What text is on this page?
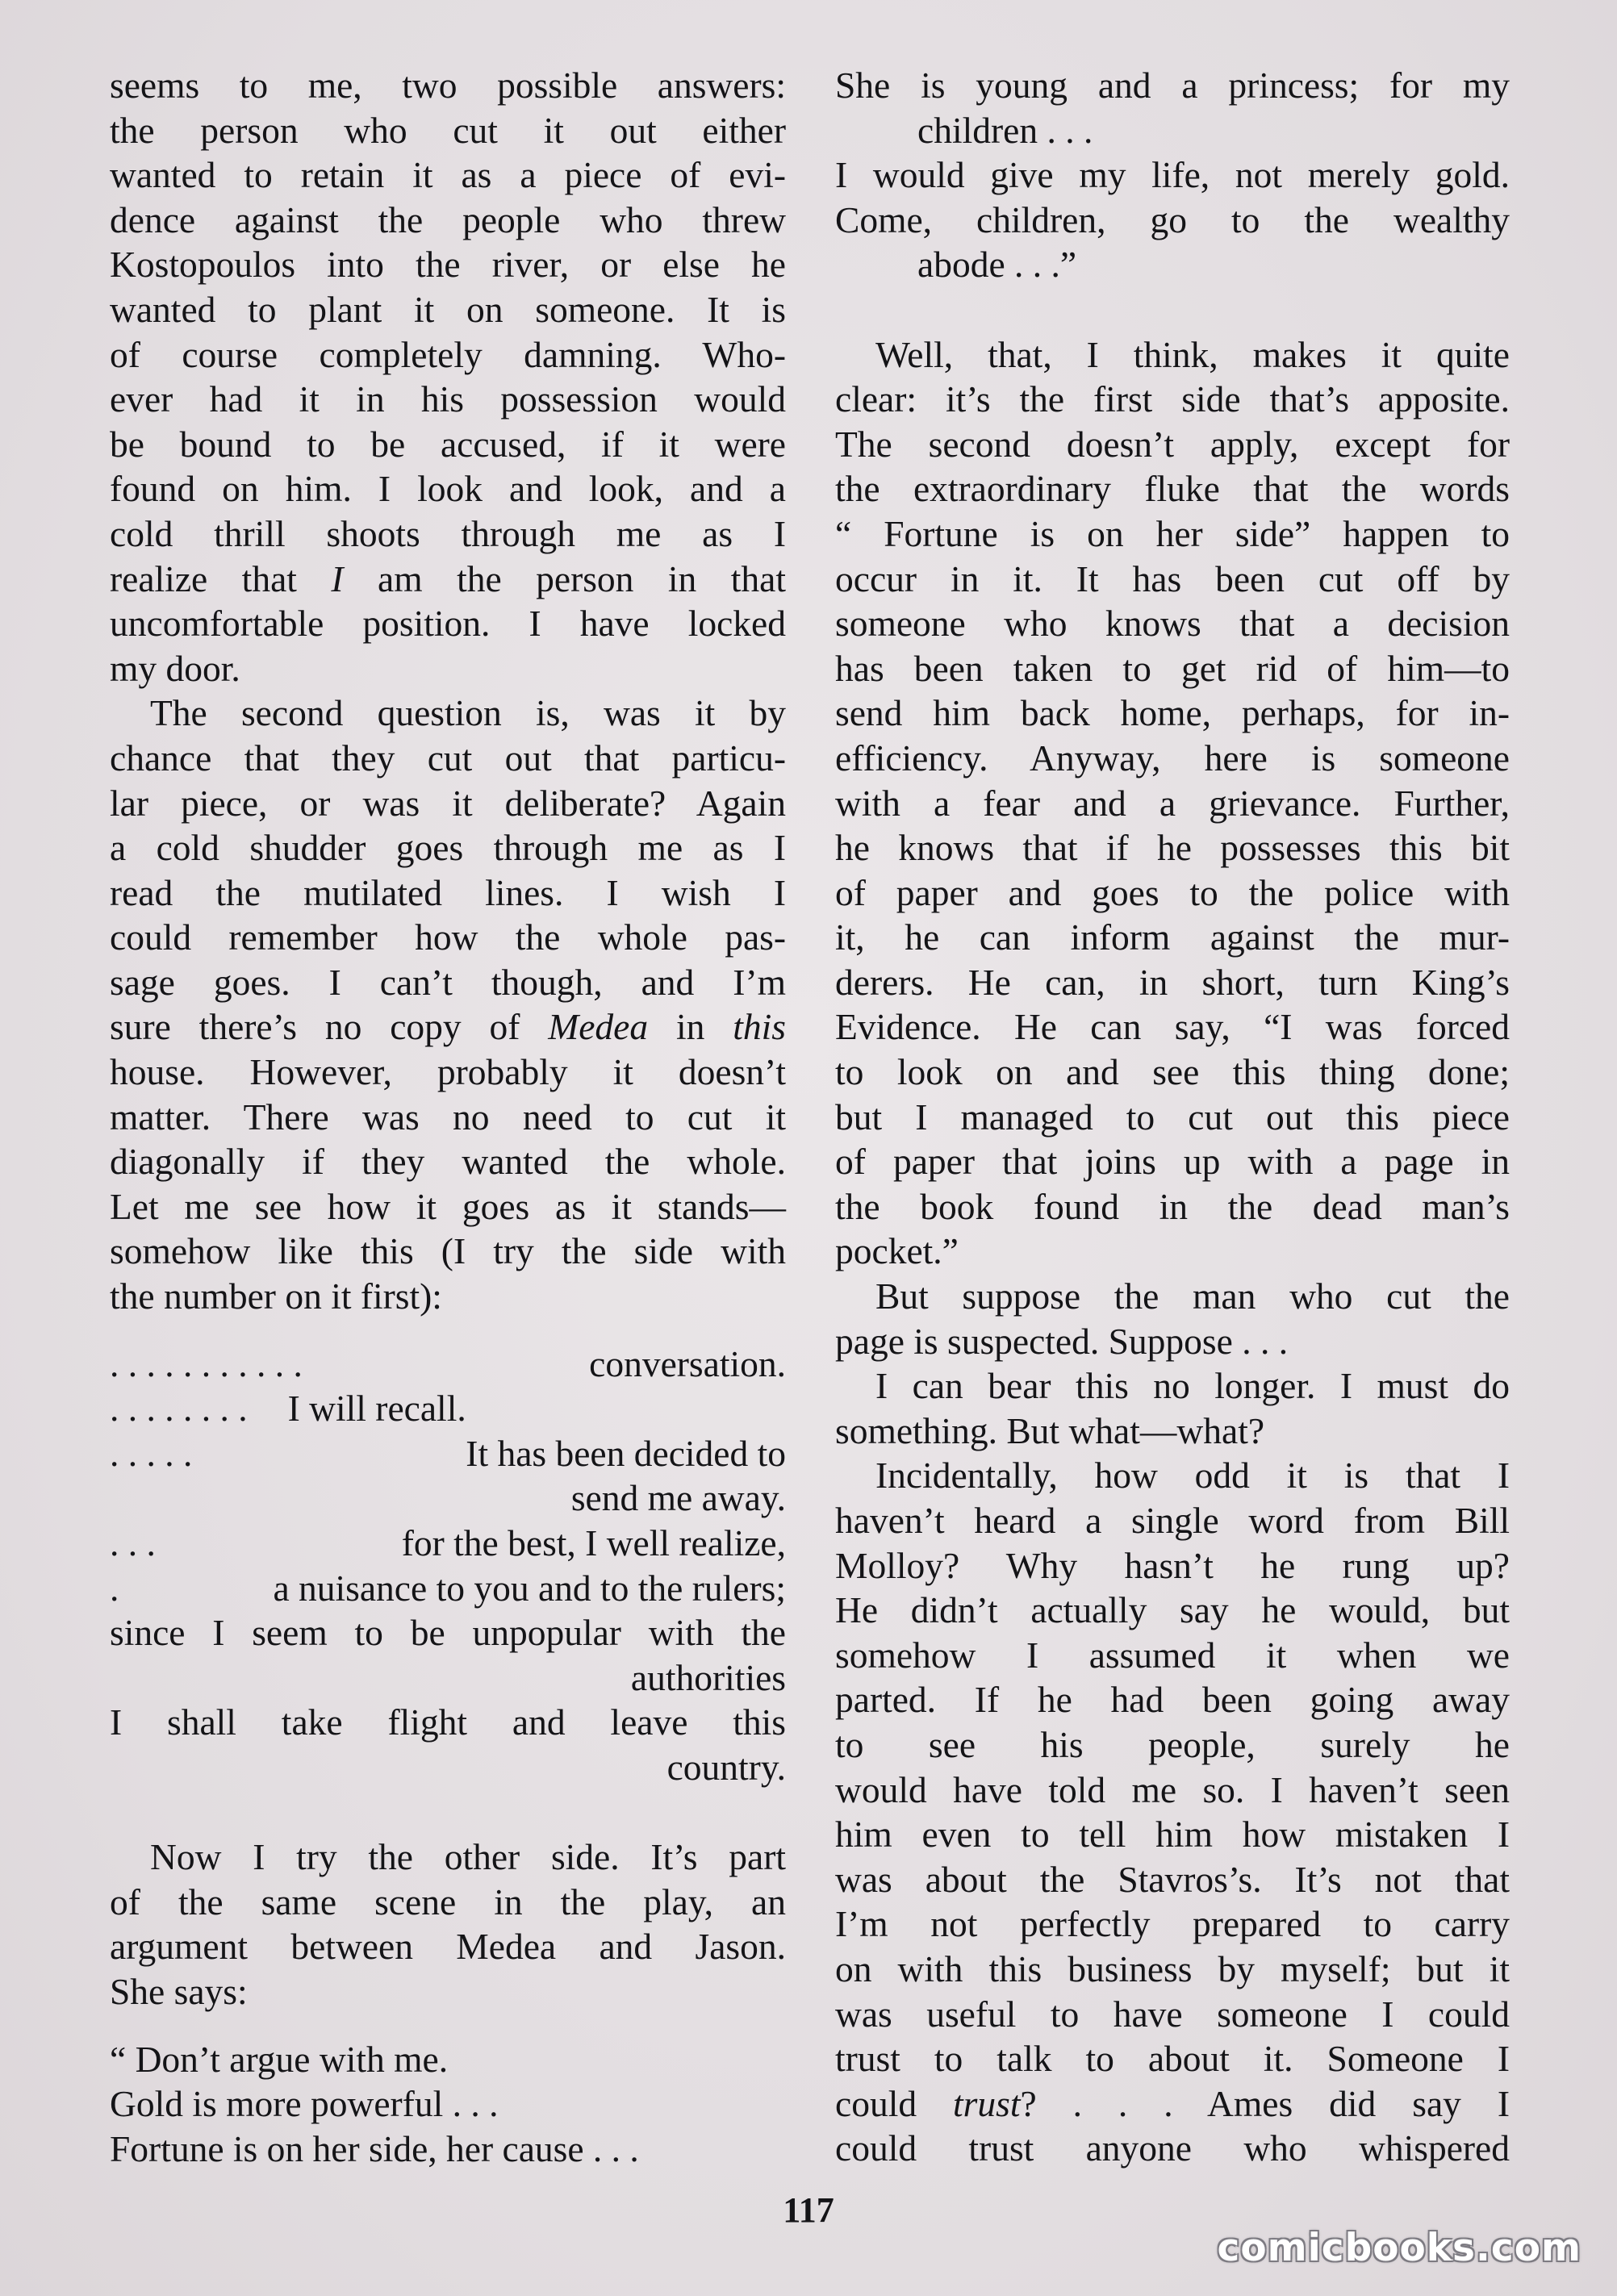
seems to me, two possible answers:
the person who cut it out either
wanted to retain it as a piece of evi-
dence against the people who threw
Kostopoulos into the river, or else he
wanted to plant it on someone. It is
of course completely damning. Who-
ever had it in his possession would
be bound to be accused, if it were
found on him. I look and look, and a
cold thrill shoots through me as I
realize that I am the person in that
uncomfortable position. I have locked
my door.
The second question is, was it by
chance that they cut out that particu-
lar piece, or was it deliberate? Again
a cold shudder goes through me as I
read the mutilated lines. I wish I
could remember how the whole pas-
sage goes. I can’t though, and I’m
sure there’s no copy of Medea in this
house. However, probably it doesn’t
matter. There was no need to cut it
diagonally if they wanted the whole.
Let me see how it goes as it stands—
somehow like this (I try the side with
the number on it first):
. . . . . . . . . . .	conversation.
. . . . . . . .	I will recall.
. . . . .	It has been decided to
send me away.
. . .	for the best, I well realize,
.	a nuisance to you and to the rulers;
since I seem to be unpopular with the
authorities
I shall take flight and leave this
country.
Now I try the other side. It’s part
of the same scene in the play, an
argument between Medea and Jason.
She says:
“ Don’t argue with me.
Gold is more powerful . . .
Fortune is on her side, her cause . . .
She is young and a princess; for my
children . . .
I would give my life, not merely gold.
Come, children, go to the wealthy
abode . . .”
Well, that, I think, makes it quite
clear: it’s the first side that’s apposite.
The second doesn’t apply, except for
the extraordinary fluke that the words
“ Fortune is on her side” happen to
occur in it. It has been cut off by
someone who knows that a decision
has been taken to get rid of him—to
send him back home, perhaps, for in-
efficiency. Anyway, here is someone
with a fear and a grievance. Further,
he knows that if he possesses this bit
of paper and goes to the police with
it, he can inform against the mur-
derers. He can, in short, turn King’s
Evidence. He can say, “I was forced
to look on and see this thing done;
but I managed to cut out this piece
of paper that joins up with a page in
the book found in the dead man’s
pocket.”
But suppose the man who cut the
page is suspected. Suppose . . .
I can bear this no longer. I must do
something. But what—what?
Incidentally, how odd it is that I
haven’t heard a single word from Bill
Molloy? Why hasn’t he rung up?
He didn’t actually say he would, but
somehow I assumed it when we
parted. If he had been going away
to see his people, surely he
would have told me so. I haven’t seen
him even to tell him how mistaken I
was about the Stavros’s. It’s not that
I’m not perfectly prepared to carry
on with this business by myself; but it
was useful to have someone I could
trust to talk to about it. Someone I
could trust? . . . Ames did say I
could trust anyone who whispered
117
comicbooks.com
